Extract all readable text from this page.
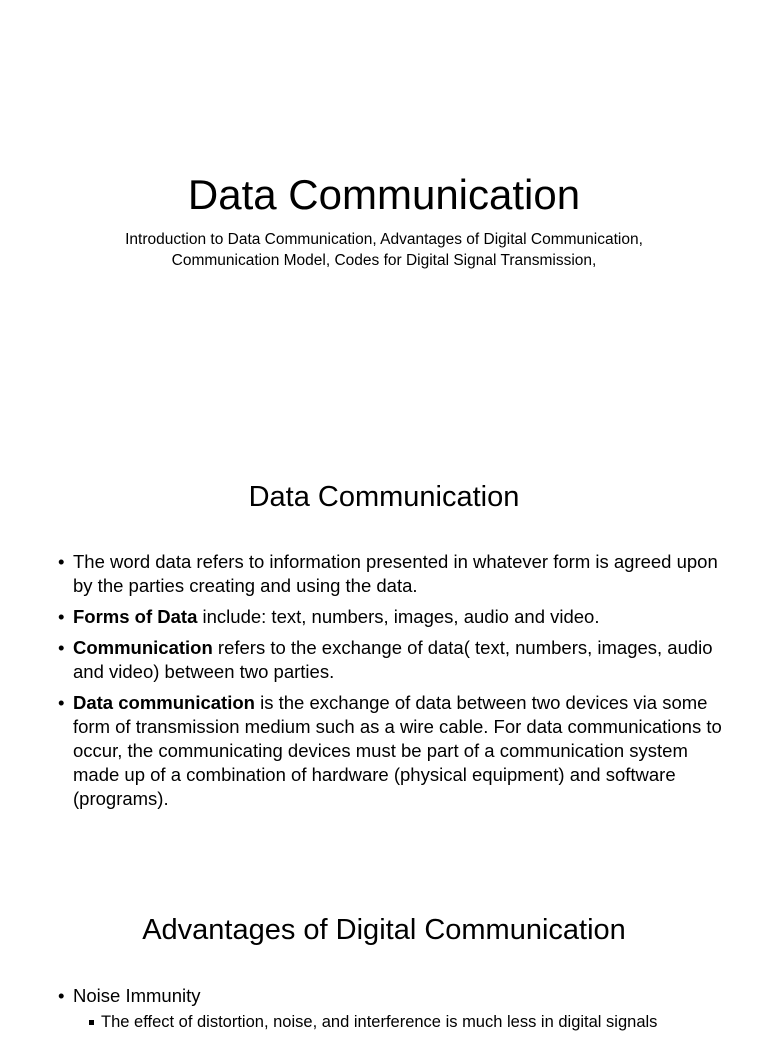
Data Communication
Introduction to Data Communication, Advantages of Digital Communication, Communication Model, Codes for Digital Signal Transmission,
Data Communication
• The word data refers to information presented in whatever form is agreed upon by the parties creating and using the data.
• Forms of Data include: text, numbers, images, audio and video.
• Communication refers to the exchange of data( text, numbers, images, audio and video) between two parties.
• Data communication is the exchange of data between two devices via some form of transmission medium such as a wire cable. For data communications to occur, the communicating devices must be part of a communication system made up of a combination of hardware (physical equipment) and software (programs).
Advantages of Digital Communication
• Noise Immunity
The effect of distortion, noise, and interference is much less in digital signals
